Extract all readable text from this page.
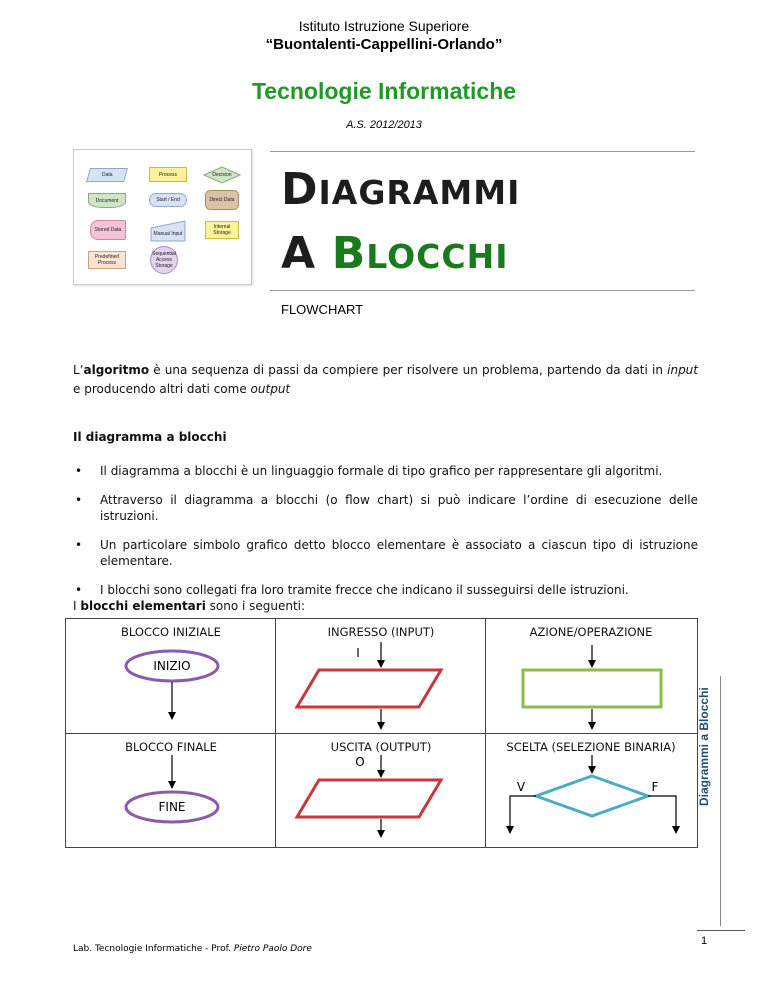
Istituto Istruzione Superiore
“Buontalenti-Cappellini-Orlando”
Tecnologie Informatiche
A.S. 2012/2013
Data	Process	Decision
Document	Start / End	Direct Data
Stored Data
Manual Input
Internal Storage
Predefined Process
Sequential Access Storage
DIAGRAMMI
A BLOCCHI
FLOWCHART
L’algoritmo è una sequenza di passi da compiere per risolvere un problema, partendo da dati in input e producendo altri dati come output
Il diagramma a blocchi
• Il diagramma a blocchi è un linguaggio formale di tipo grafico per rappresentare gli algoritmi.
• Attraverso il diagramma a blocchi (o flow chart) si può indicare l’ordine di esecuzione delle istruzioni.
• Un particolare simbolo grafico detto blocco elementare è associato a ciascun tipo di istruzione elementare.
• I blocchi sono collegati fra loro tramite frecce che indicano il susseguirsi delle istruzioni.
I blocchi elementari sono i seguenti:
BLOCCO INIZIALE	INGRESSO (INPUT)	AZIONE/OPERAZIONE
BLOCCO FINALE	USCITA (OUTPUT)	SCELTA (SELEZIONE BINARIA)
INIZIO
I
FINE
O
V	F	Diagrammi a Blocchi
Lab. Tecnologie Informatiche - Prof. Pietro Paolo Dore
1
